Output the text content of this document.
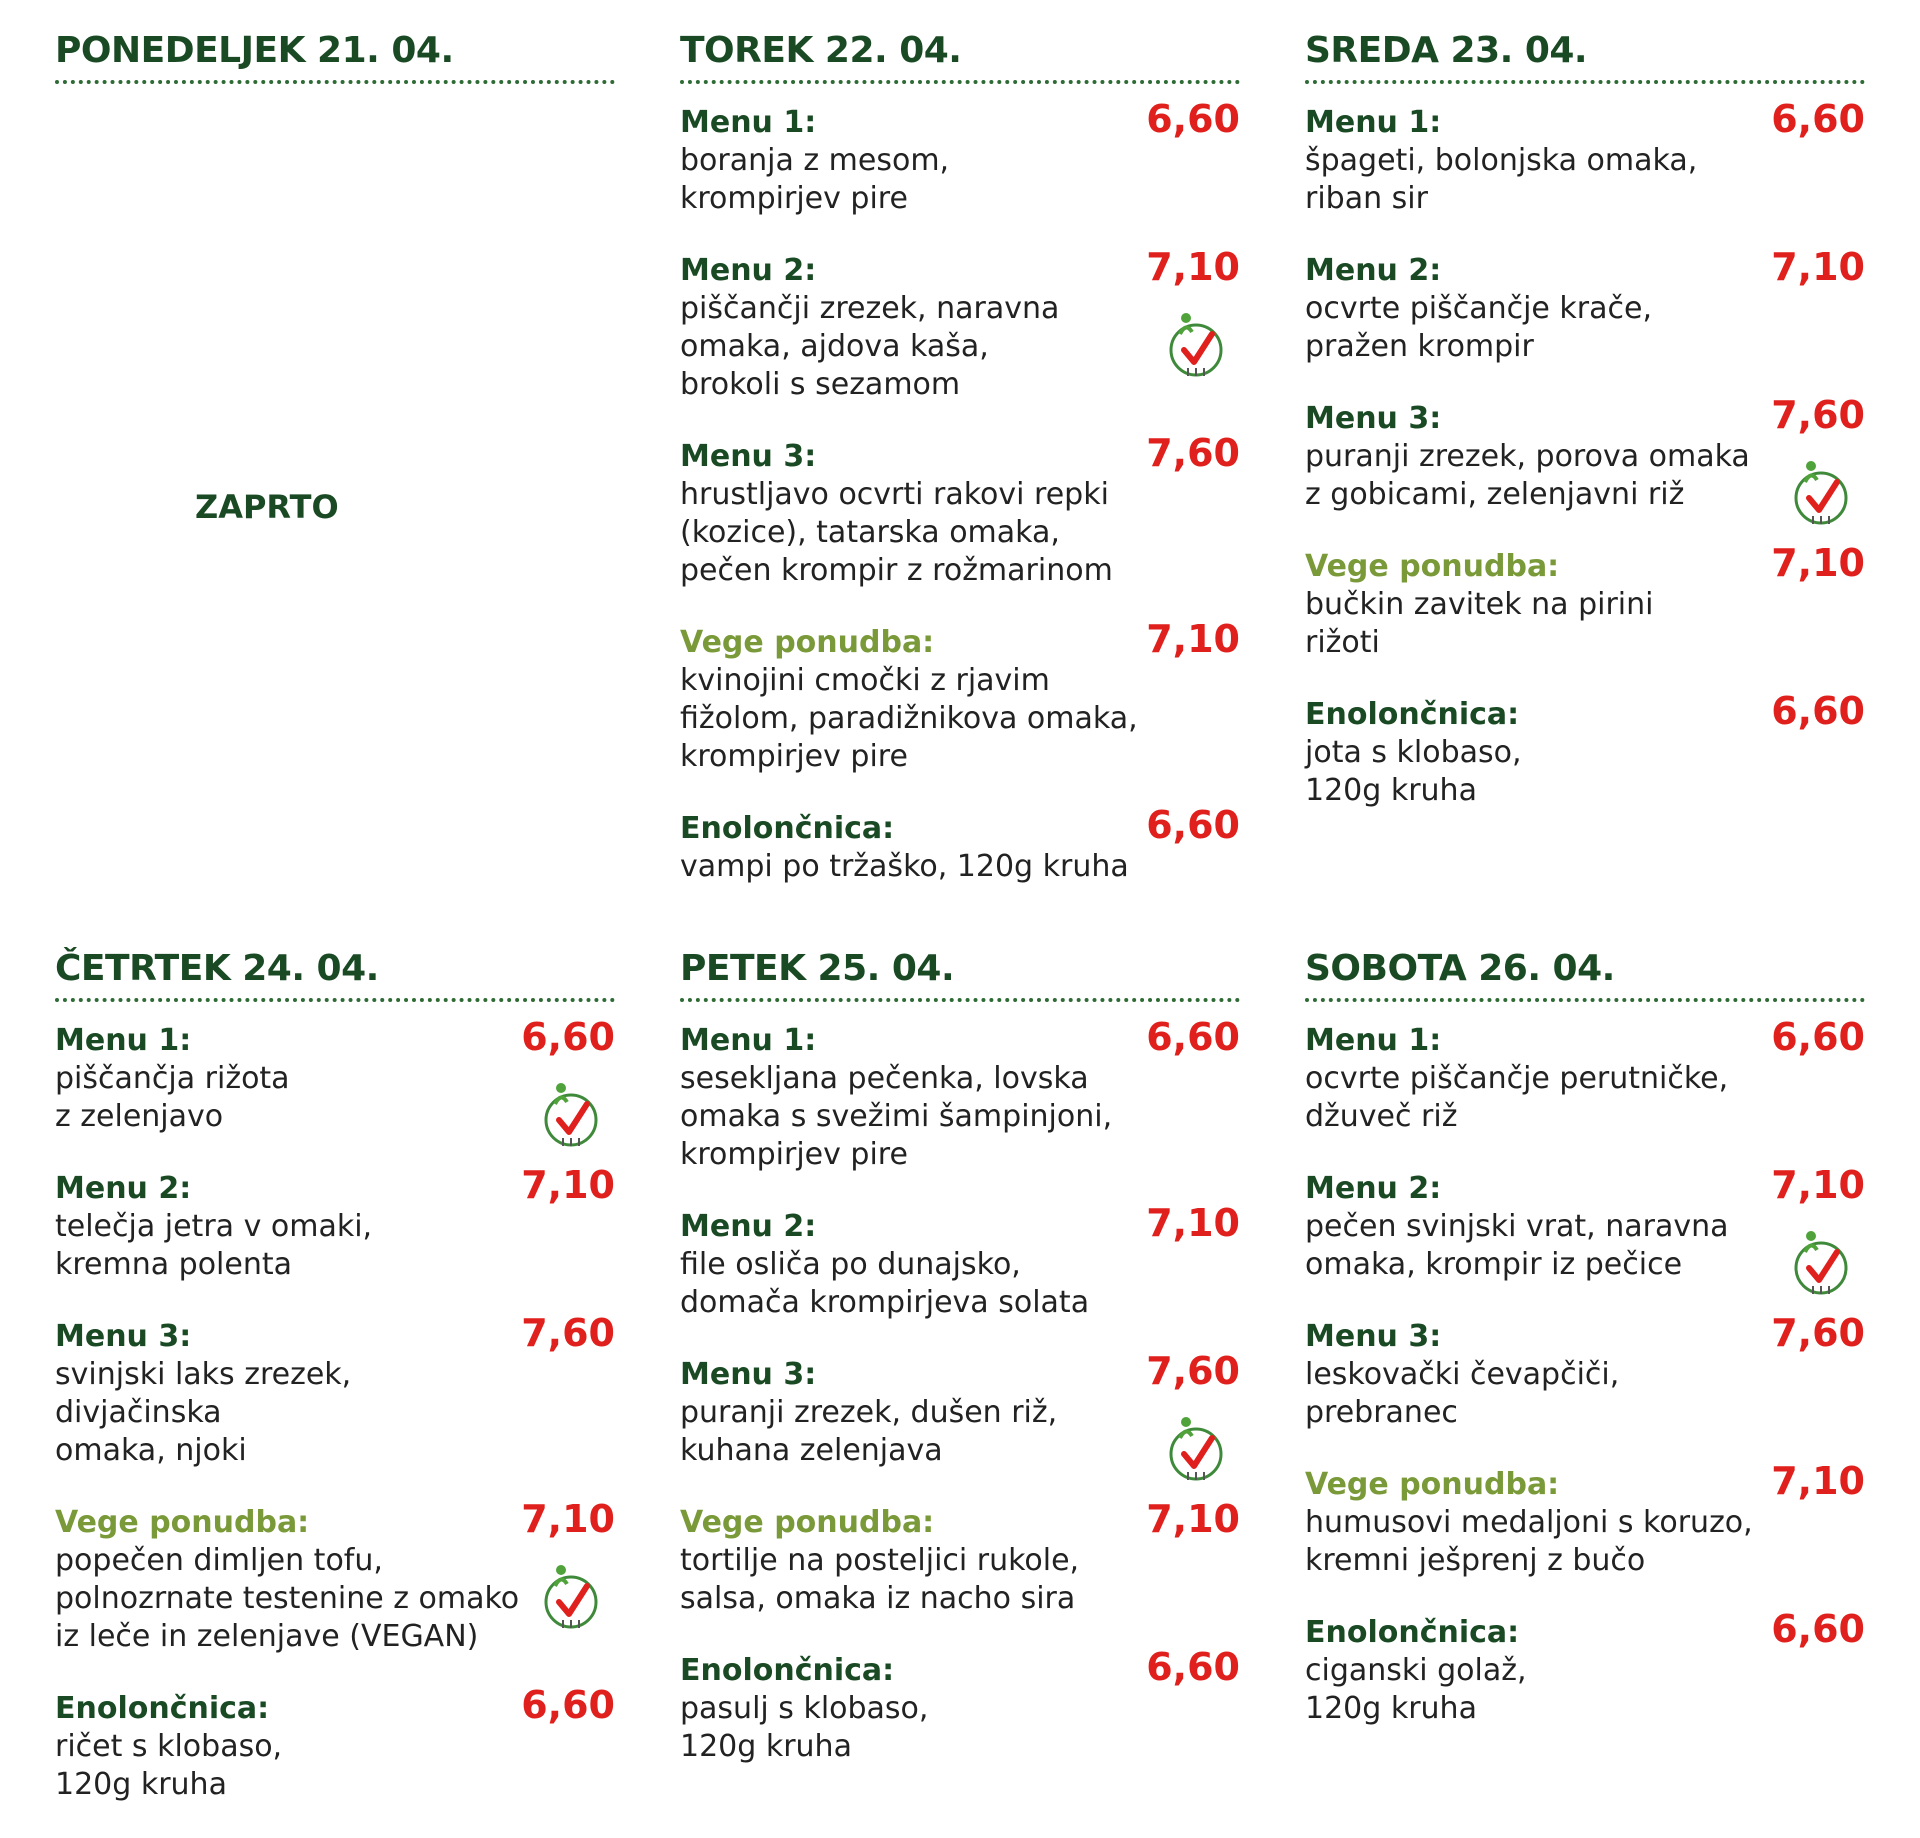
PONEDELJEK 21. 04.
ZAPRTO
TOREK 22. 04.
Menu 1:
boranja z mesom,
krompirjev pire
6,60
Menu 2:
piščančji zrezek, naravna
omaka, ajdova kaša,
brokoli s sezamom
7,10
Menu 3:
hrustljavo ocvrti rakovi repki
(kozice), tatarska omaka,
pečen krompir z rožmarinom
7,60
Vege ponudba:
kvinojini cmočki z rjavim
fižolom, paradižnikova omaka,
krompirjev pire
7,10
Enolončnica:
vampi po tržaško, 120g kruha
6,60
SREDA 23. 04.
Menu 1:
špageti, bolonjska omaka,
riban sir
6,60
Menu 2:
ocvrte piščančje krače,
pražen krompir
7,10
Menu 3:
puranji zrezek, porova omaka
z gobicami, zelenjavni riž
7,60
Vege ponudba:
bučkin zavitek na pirini
rižoti
7,10
Enolončnica:
jota s klobaso,
120g kruha
6,60
ČETRTEK 24. 04.
Menu 1:
piščančja rižota
z zelenjavo
6,60
Menu 2:
telečja jetra v omaki,
kremna polenta
7,10
Menu 3:
svinjski laks zrezek, divjačinska
omaka, njoki
7,60
Vege ponudba:
popečen dimljen tofu,
polnozrnate testenine z omako
iz leče in zelenjave (VEGAN)
7,10
Enolončnica:
ričet s klobaso,
120g kruha
6,60
PETEK 25. 04.
Menu 1:
sesekljana pečenka, lovska
omaka s svežimi šampinjoni,
krompirjev pire
6,60
Menu 2:
file osliča po dunajsko,
domača krompirjeva solata
7,10
Menu 3:
puranji zrezek, dušen riž,
kuhana zelenjava
7,60
Vege ponudba:
tortilje na posteljici rukole,
salsa, omaka iz nacho sira
7,10
Enolončnica:
pasulj s klobaso,
120g kruha
6,60
SOBOTA 26. 04.
Menu 1:
ocvrte piščančje perutničke,
džuveč riž
6,60
Menu 2:
pečen svinjski vrat, naravna
omaka, krompir iz pečice
7,10
Menu 3:
leskovački čevapčiči,
prebranec
7,60
Vege ponudba:
humusovi medaljoni s koruzo,
kremni ješprenj z bučo
7,10
Enolončnica:
ciganski golaž,
120g kruha
6,60
